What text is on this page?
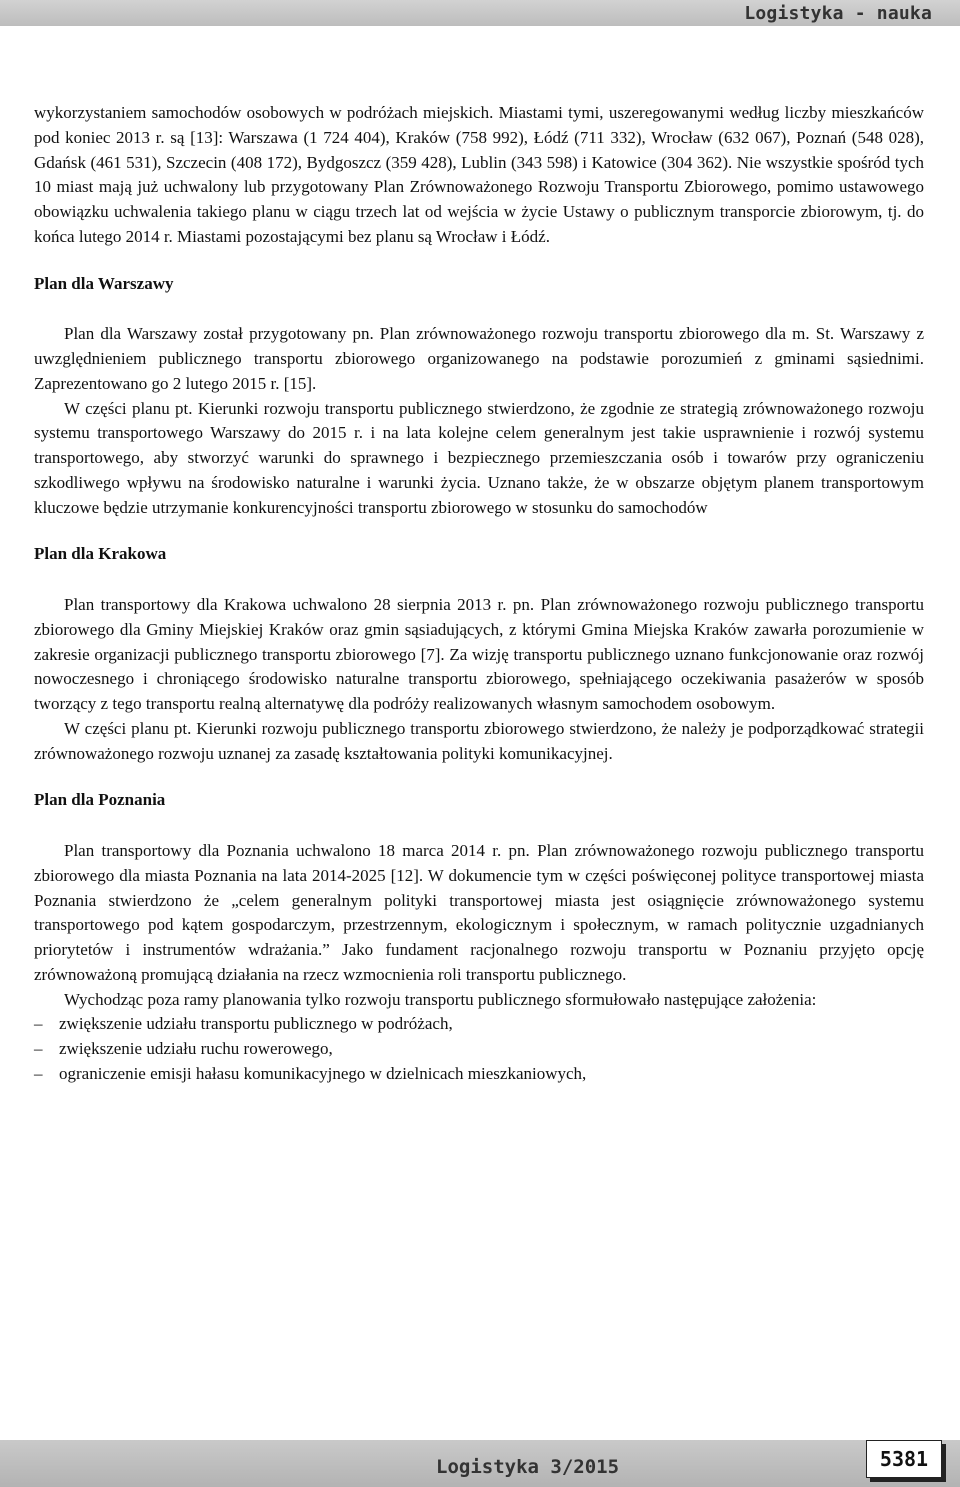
Logistyka - nauka

wykorzystaniem samochodów osobowych w podróżach miejskich. Miastami tymi, uszeregowanymi według liczby mieszkańców pod koniec 2013 r. są [13]: Warszawa (1 724 404), Kraków (758 992), Łódź (711 332), Wrocław (632 067), Poznań (548 028), Gdańsk (461 531), Szczecin (408 172), Bydgoszcz (359 428), Lublin (343 598) i Katowice (304 362). Nie wszystkie spośród tych 10 miast mają już uchwalony lub przygotowany Plan Zrównoważonego Rozwoju Transportu Zbiorowego, pomimo ustawowego obowiązku uchwalenia takiego planu w ciągu trzech lat od wejścia w życie Ustawy o publicznym transporcie zbiorowym, tj. do końca lutego 2014 r. Miastami pozostającymi bez planu są Wrocław i Łódź.

Plan dla Warszawy

Plan dla Warszawy został przygotowany pn. Plan zrównoważonego rozwoju transportu zbiorowego dla m. St. Warszawy z uwzględnieniem publicznego transportu zbiorowego organizowanego na podstawie porozumień z gminami sąsiednimi. Zaprezentowano go 2 lutego 2015 r. [15].

W części planu pt. Kierunki rozwoju transportu publicznego stwierdzono, że zgodnie ze strategią zrównoważonego rozwoju systemu transportowego Warszawy do 2015 r. i na lata kolejne celem generalnym jest takie usprawnienie i rozwój systemu transportowego, aby stworzyć warunki do sprawnego i bezpiecznego przemieszczania osób i towarów przy ograniczeniu szkodliwego wpływu na środowisko naturalne i warunki życia. Uznano także, że w obszarze objętym planem transportowym kluczowe będzie utrzymanie konkurencyjności transportu zbiorowego w stosunku do samochodów

Plan dla Krakowa

Plan transportowy dla Krakowa uchwalono 28 sierpnia 2013 r. pn. Plan zrównoważonego rozwoju publicznego transportu zbiorowego dla Gminy Miejskiej Kraków oraz gmin sąsiadujących, z którymi Gmina Miejska Kraków zawarła porozumienie w zakresie organizacji publicznego transportu zbiorowego [7]. Za wizję transportu publicznego uznano funkcjonowanie oraz rozwój nowoczesnego i chroniącego środowisko naturalne transportu zbiorowego, spełniającego oczekiwania pasażerów w sposób tworzący z tego transportu realną alternatywę dla podróży realizowanych własnym samochodem osobowym.

W części planu pt. Kierunki rozwoju publicznego transportu zbiorowego stwierdzono, że należy je podporządkować strategii zrównoważonego rozwoju uznanej za zasadę kształtowania polityki komunikacyjnej.

Plan dla Poznania

Plan transportowy dla Poznania uchwalono 18 marca 2014 r. pn. Plan zrównoważonego rozwoju publicznego transportu zbiorowego dla miasta Poznania na lata 2014-2025 [12]. W dokumencie tym w części poświęconej polityce transportowej miasta Poznania stwierdzono że „celem generalnym polityki transportowej miasta jest osiągnięcie zrównoważonego systemu transportowego pod kątem gospodarczym, przestrzennym, ekologicznym i społecznym, w ramach politycznie uzgadnianych priorytetów i instrumentów wdrażania.” Jako fundament racjonalnego rozwoju transportu w Poznaniu przyjęto opcję zrównoważoną promującą działania na rzecz wzmocnienia roli transportu publicznego.

Wychodząc poza ramy planowania tylko rozwoju transportu publicznego sformułowało następujące założenia:

– zwiększenie udziału transportu publicznego w podróżach,
– zwiększenie udziału ruchu rowerowego,
– ograniczenie emisji hałasu komunikacyjnego w dzielnicach mieszkaniowych,
Logistyka 3/2015	5381
